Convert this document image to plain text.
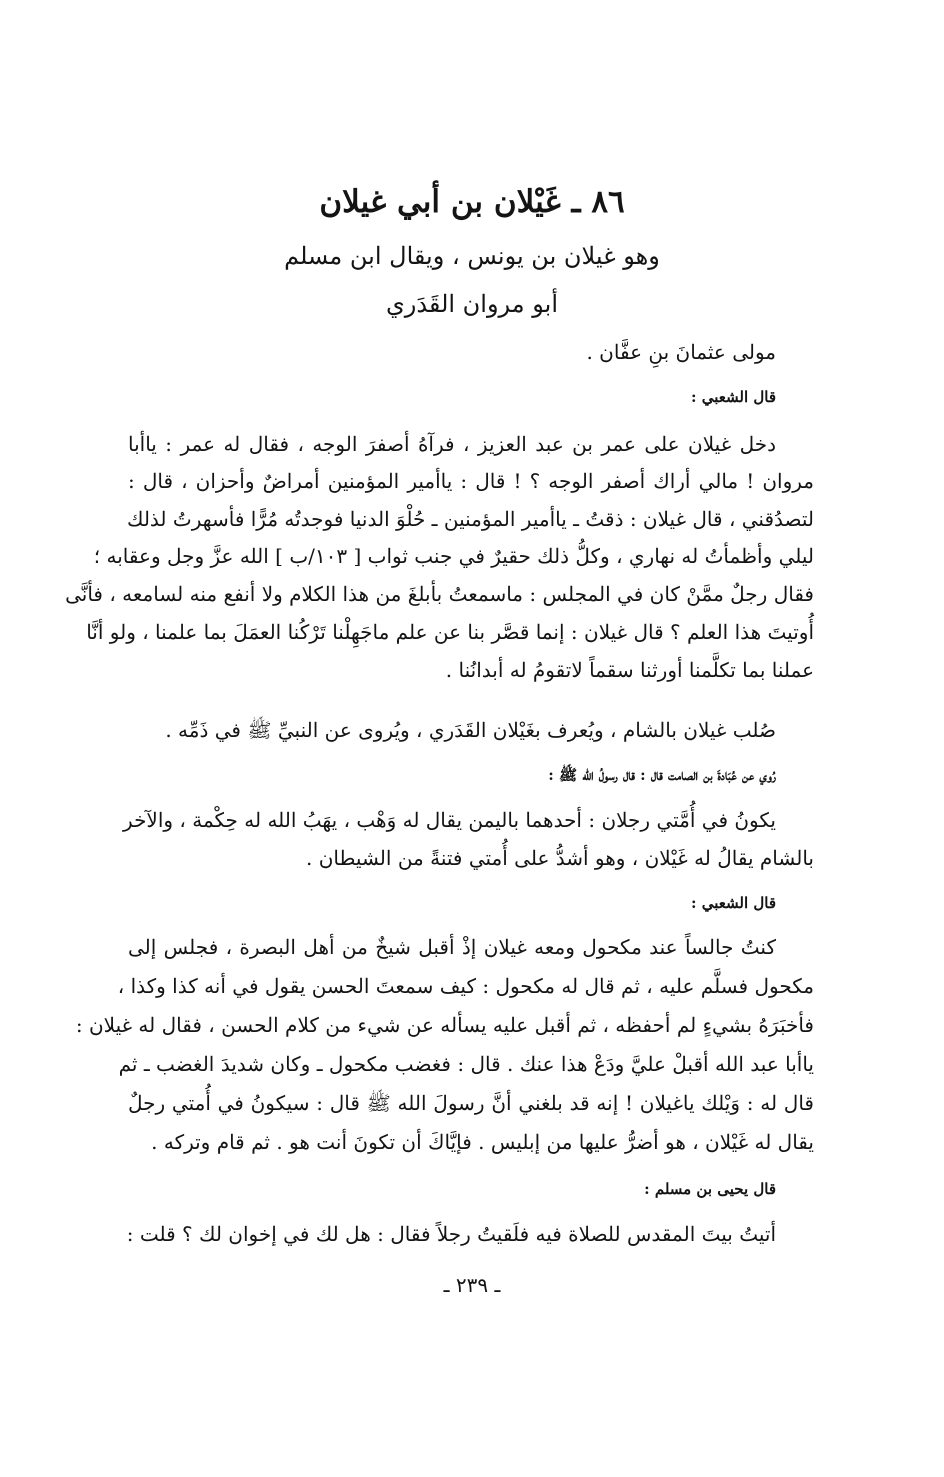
٨٦ ـ غَيْلان بن أبي غيلان
وهو غيلان بن يونس ، ويقال ابن مسلم
أبو مروان القَدَري
مولى عثمانَ بنِ عفَّان .
قال الشعبي :
دخل غيلان على عمر بن عبد العزيز ، فرآهُ أصفرَ الوجه ، فقال له عمر : ياأبا
مروان ! مالي أراك أصفر الوجه ؟ ! قال : ياأمير المؤمنين أمراضٌ وأحزان ، قال :
لتصدُقني ، قال غيلان : ذقتُ ـ ياأمير المؤمنين ـ حُلْوَ الدنيا فوجدتُه مُرًّا فأسهرتُ لذلك
ليلي وأظمأتُ له نهاري ، وكلُّ ذلك حقيرٌ في جنب ثواب [ ١٠٣/ب ] الله عزَّ وجل وعقابه ؛
فقال رجلٌ ممَّنْ كان في المجلس : ماسمعتُ بأبلغَ من هذا الكلام ولا أنفع منه لسامعه ، فأنَّى
أُوتيتَ هذا العلم ؟ قال غيلان : إنما قصَّر بنا عن علم ماجَهِلْنا تَرْكُنا العمَلَ بما علمنا ، ولو أنَّا
عملنا بما تكلَّمنا أورثنا سقماً لاتقومُ له أبدانُنا .
صُلب غيلان بالشام ، ويُعرف بغَيْلان القَدَري ، ويُروى عن النبيِّ ﷺ في ذَمِّه .
رُوي عن عُبَادةَ بن الصامت قال : قال رسولُ الله ﷺ :
يكونُ في أُمَّتي رجلان : أحدهما باليمن يقال له وَهْب ، يهَبُ الله له حِكْمة ، والآخر
بالشام يقالُ له غَيْلان ، وهو أشدُّ على أُمتي فتنةً من الشيطان .
قال الشعبي :
كنتُ جالساً عند مكحول ومعه غيلان إذْ أقبل شيخٌ من أهل البصرة ، فجلس إلى
مكحول فسلَّم عليه ، ثم قال له مكحول : كيف سمعتَ الحسن يقول في أنه كذا وكذا ،
فأخبَرَهُ بشيءٍ لم أحفظه ، ثم أقبل عليه يسأله عن شيء من كلام الحسن ، فقال له غيلان :
ياأبا عبد الله أقبلْ عليَّ ودَعْ هذا عنك . قال : فغضب مكحول ـ وكان شديدَ الغضب ـ ثم
قال له : وَيْلك ياغيلان ! إنه قد بلغني أنَّ رسولَ الله ﷺ قال : سيكونُ في أُمتي رجلٌ
يقال له غَيْلان ، هو أضرُّ عليها من إبليس . فإيَّاكَ أن تكونَ أنت هو . ثم قام وتركه .
قال يحيى بن مسلم :
أتيتُ بيتَ المقدس للصلاة فيه فلَقيتُ رجلاً فقال : هل لك في إخوان لك ؟ قلت :
ـ ٢٣٩ ـ
